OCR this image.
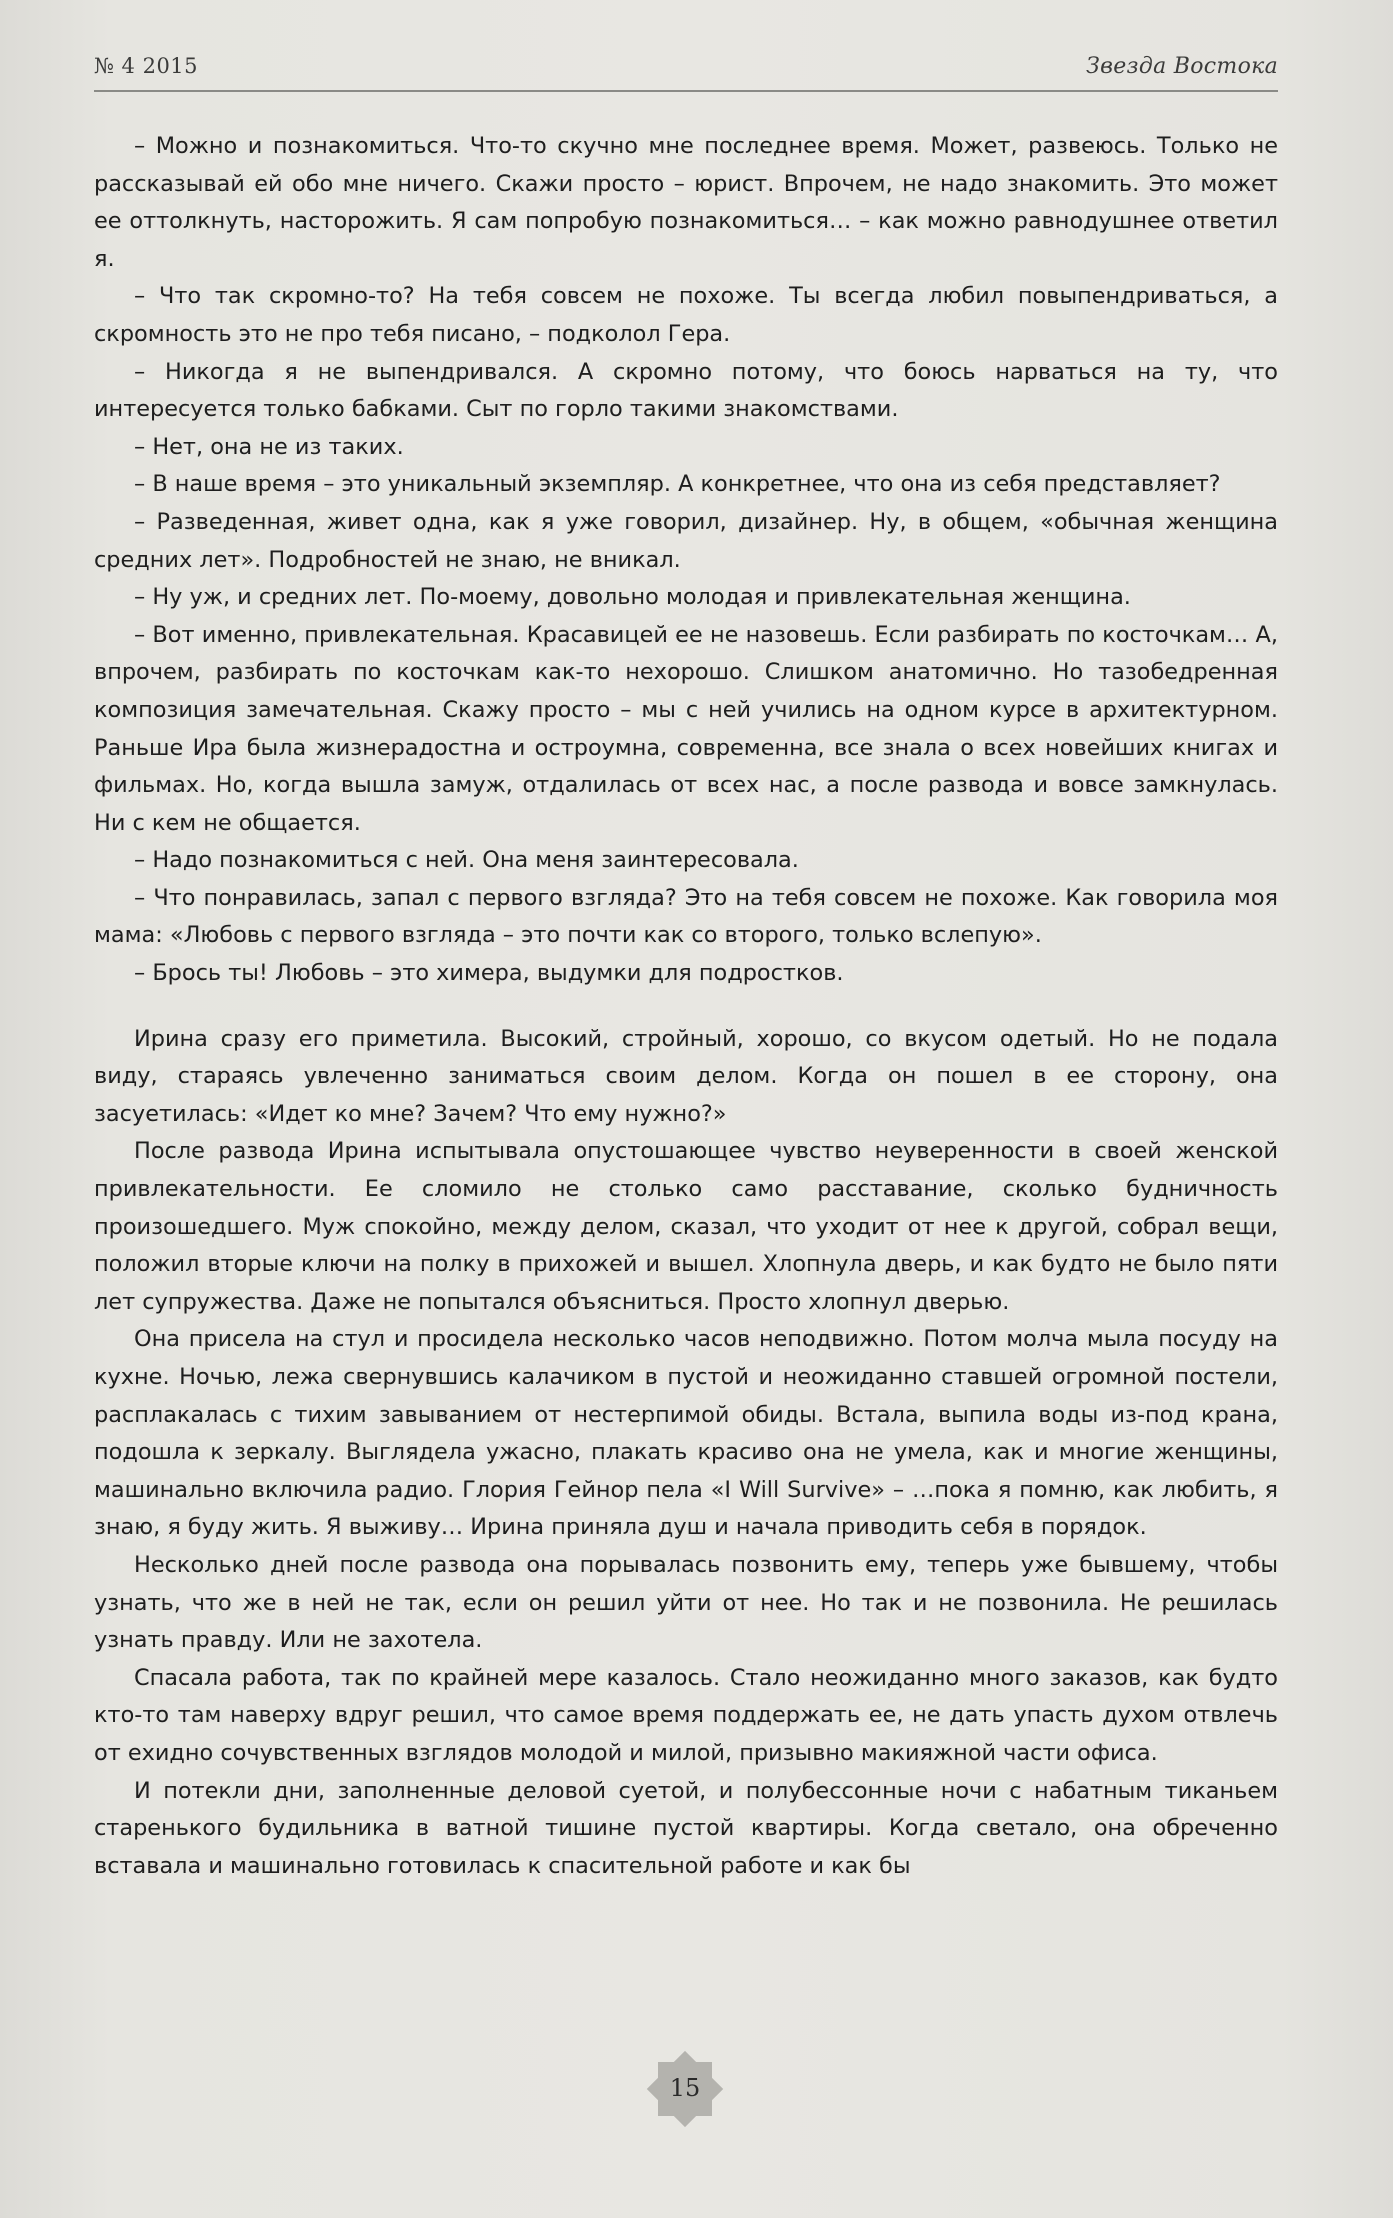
№ 4 2015	Звезда Востока

– Можно и познакомиться. Что-то скучно мне последнее время. Может, развеюсь. Только не рассказывай ей обо мне ничего. Скажи просто – юрист. Впрочем, не надо знакомить. Это может ее оттолкнуть, насторожить. Я сам попробую познакомиться… – как можно равнодушнее ответил я.

– Что так скромно-то? На тебя совсем не похоже. Ты всегда любил повыпендриваться, а скромность это не про тебя писано, – подколол Гера.

– Никогда я не выпендривался. А скромно потому, что боюсь нарваться на ту, что интересуется только бабками. Сыт по горло такими знакомствами.

– Нет, она не из таких.

– В наше время – это уникальный экземпляр. А конкретнее, что она из себя представляет?

– Разведенная, живет одна, как я уже говорил, дизайнер. Ну, в общем, «обычная женщина средних лет». Подробностей не знаю, не вникал.

– Ну уж, и средних лет. По-моему, довольно молодая и привлекательная женщина.

– Вот именно, привлекательная. Красавицей ее не назовешь. Если разбирать по косточкам… А, впрочем, разбирать по косточкам как-то нехорошо. Слишком анатомично. Но тазобедренная композиция замечательная. Скажу просто – мы с ней учились на одном курсе в архитектурном. Раньше Ира была жизнерадостна и остроумна, современна, все знала о всех новейших книгах и фильмах. Но, когда вышла замуж, отдалилась от всех нас, а после развода и вовсе замкнулась. Ни с кем не общается.

– Надо познакомиться с ней. Она меня заинтересовала.

– Что понравилась, запал с первого взгляда? Это на тебя совсем не похоже. Как говорила моя мама: «Любовь с первого взгляда – это почти как со второго, только вслепую».

– Брось ты! Любовь – это химера, выдумки для подростков.

Ирина сразу его приметила. Высокий, стройный, хорошо, со вкусом одетый. Но не подала виду, стараясь увлеченно заниматься своим делом. Когда он пошел в ее сторону, она засуетилась: «Идет ко мне? Зачем? Что ему нужно?»

После развода Ирина испытывала опустошающее чувство неуверенности в своей женской привлекательности. Ее сломило не столько само расставание, сколько будничность произошедшего. Муж спокойно, между делом, сказал, что уходит от нее к другой, собрал вещи, положил вторые ключи на полку в прихожей и вышел. Хлопнула дверь, и как будто не было пяти лет супружества. Даже не попытался объясниться. Просто хлопнул дверью.

Она присела на стул и просидела несколько часов неподвижно. Потом молча мыла посуду на кухне. Ночью, лежа свернувшись калачиком в пустой и неожиданно ставшей огромной постели, расплакалась с тихим завыванием от нестерпимой обиды. Встала, выпила воды из-под крана, подошла к зеркалу. Выглядела ужасно, плакать красиво она не умела, как и многие женщины, машинально включила радио. Глория Гейнор пела «I Will Survive» – …пока я помню, как любить, я знаю, я буду жить. Я выживу… Ирина приняла душ и начала приводить себя в порядок.

Несколько дней после развода она порывалась позвонить ему, теперь уже бывшему, чтобы узнать, что же в ней не так, если он решил уйти от нее. Но так и не позвонила. Не решилась узнать правду. Или не захотела.

Спасала работа, так по крайней мере казалось. Стало неожиданно много заказов, как будто кто-то там наверху вдруг решил, что самое время поддержать ее, не дать упасть духом отвлечь от ехидно сочувственных взглядов молодой и милой, призывно макияжной части офиса.

И потекли дни, заполненные деловой суетой, и полубессонные ночи с набатным тиканьем старенького будильника в ватной тишине пустой квартиры. Когда светало, она обреченно вставала и машинально готовилась к спасительной работе и как бы

15
